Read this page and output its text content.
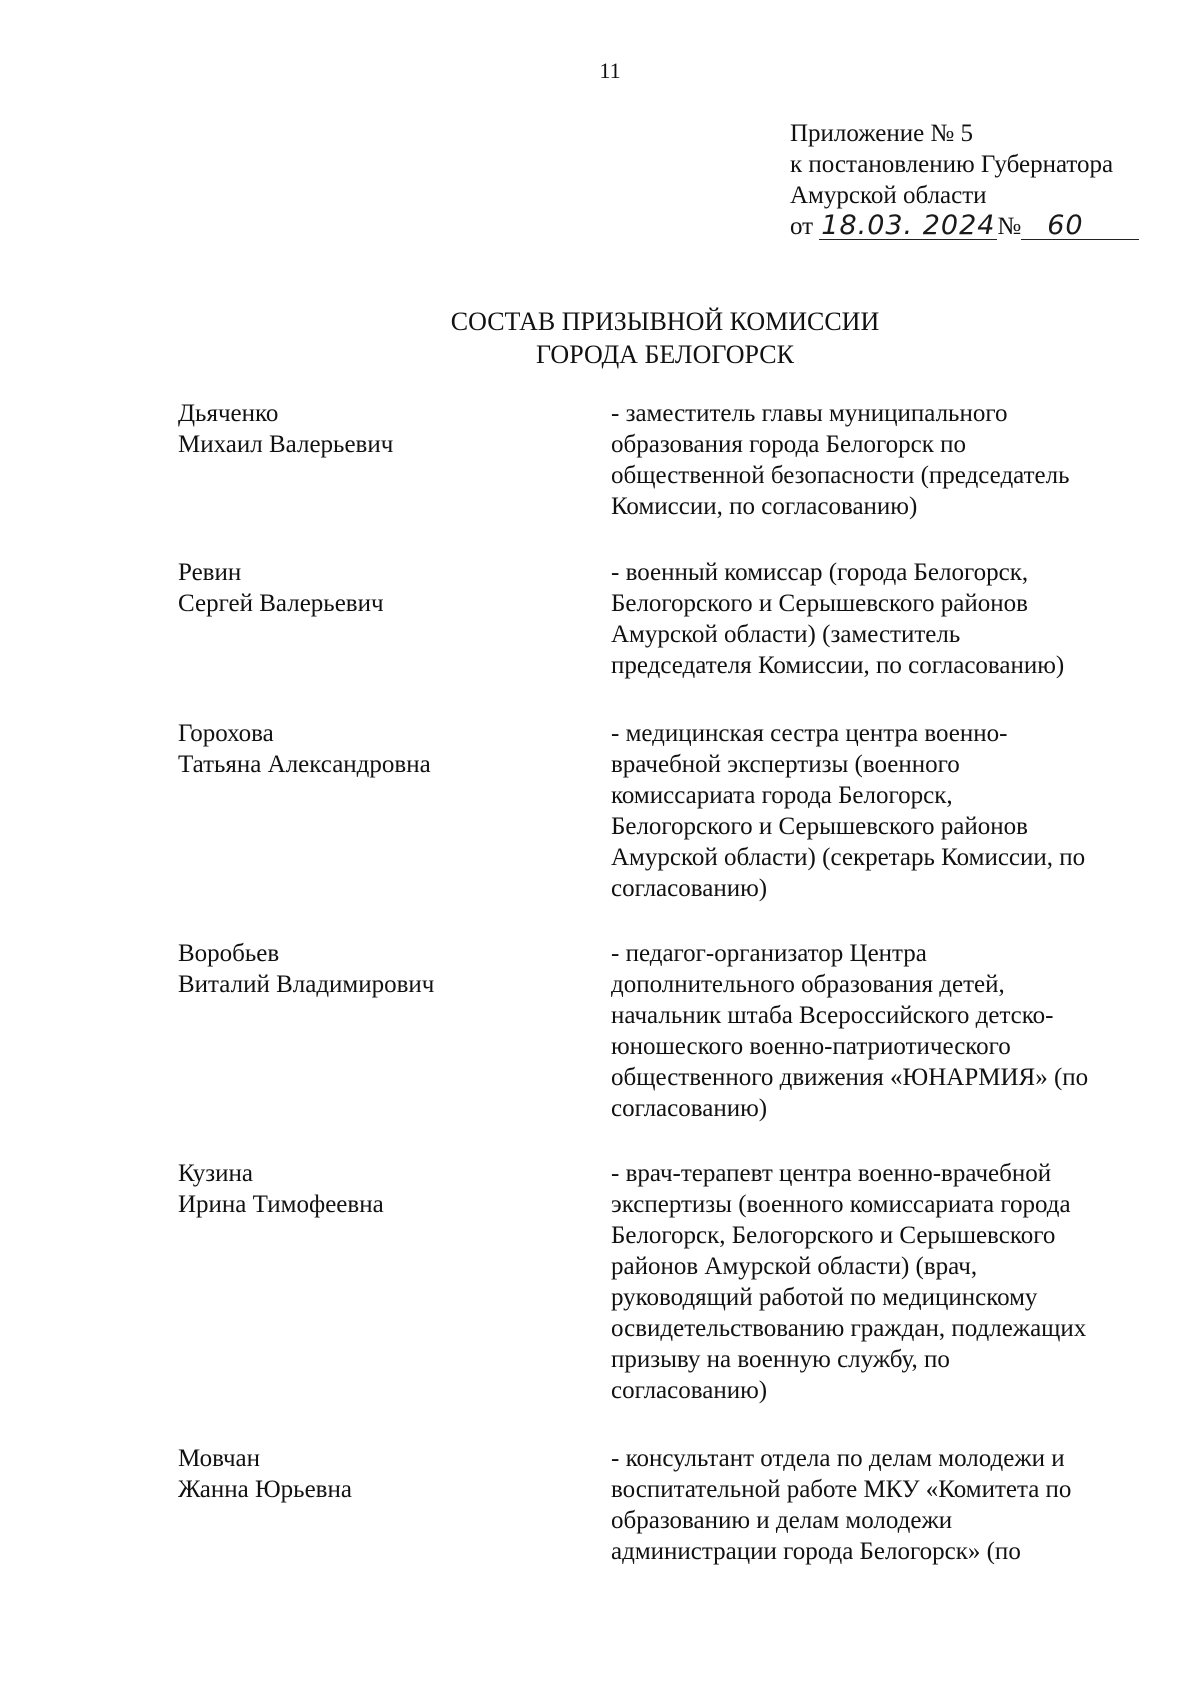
11
Приложение № 5
к постановлению Губернатора
Амурской области
от 18.03. 2024№ 60
СОСТАВ ПРИЗЫВНОЙ КОМИССИИ
ГОРОДА БЕЛОГОРСК
Дьяченко
Михаил Валерьевич
- заместитель главы муниципального
образования города Белогорск по
общественной безопасности (председатель
Комиссии, по согласованию)
Ревин
Сергей Валерьевич
- военный комиссар (города Белогорск,
Белогорского и Серышевского районов
Амурской области) (заместитель
председателя Комиссии, по согласованию)
Горохова
Татьяна Александровна
- медицинская сестра центра военно-
врачебной экспертизы (военного
комиссариата города Белогорск,
Белогорского и Серышевского районов
Амурской области) (секретарь Комиссии, по
согласованию)
Воробьев
Виталий Владимирович
- педагог-организатор Центра
дополнительного образования детей,
начальник штаба Всероссийского детско-
юношеского военно-патриотического
общественного движения «ЮНАРМИЯ» (по
согласованию)
Кузина
Ирина Тимофеевна
- врач-терапевт центра военно-врачебной
экспертизы (военного комиссариата города
Белогорск, Белогорского и Серышевского
районов Амурской области) (врач,
руководящий работой по медицинскому
освидетельствованию граждан, подлежащих
призыву на военную службу, по
согласованию)
Мовчан
Жанна Юрьевна
- консультант отдела по делам молодежи и
воспитательной работе МКУ «Комитета по
образованию и делам молодежи
администрации города Белогорск» (по
